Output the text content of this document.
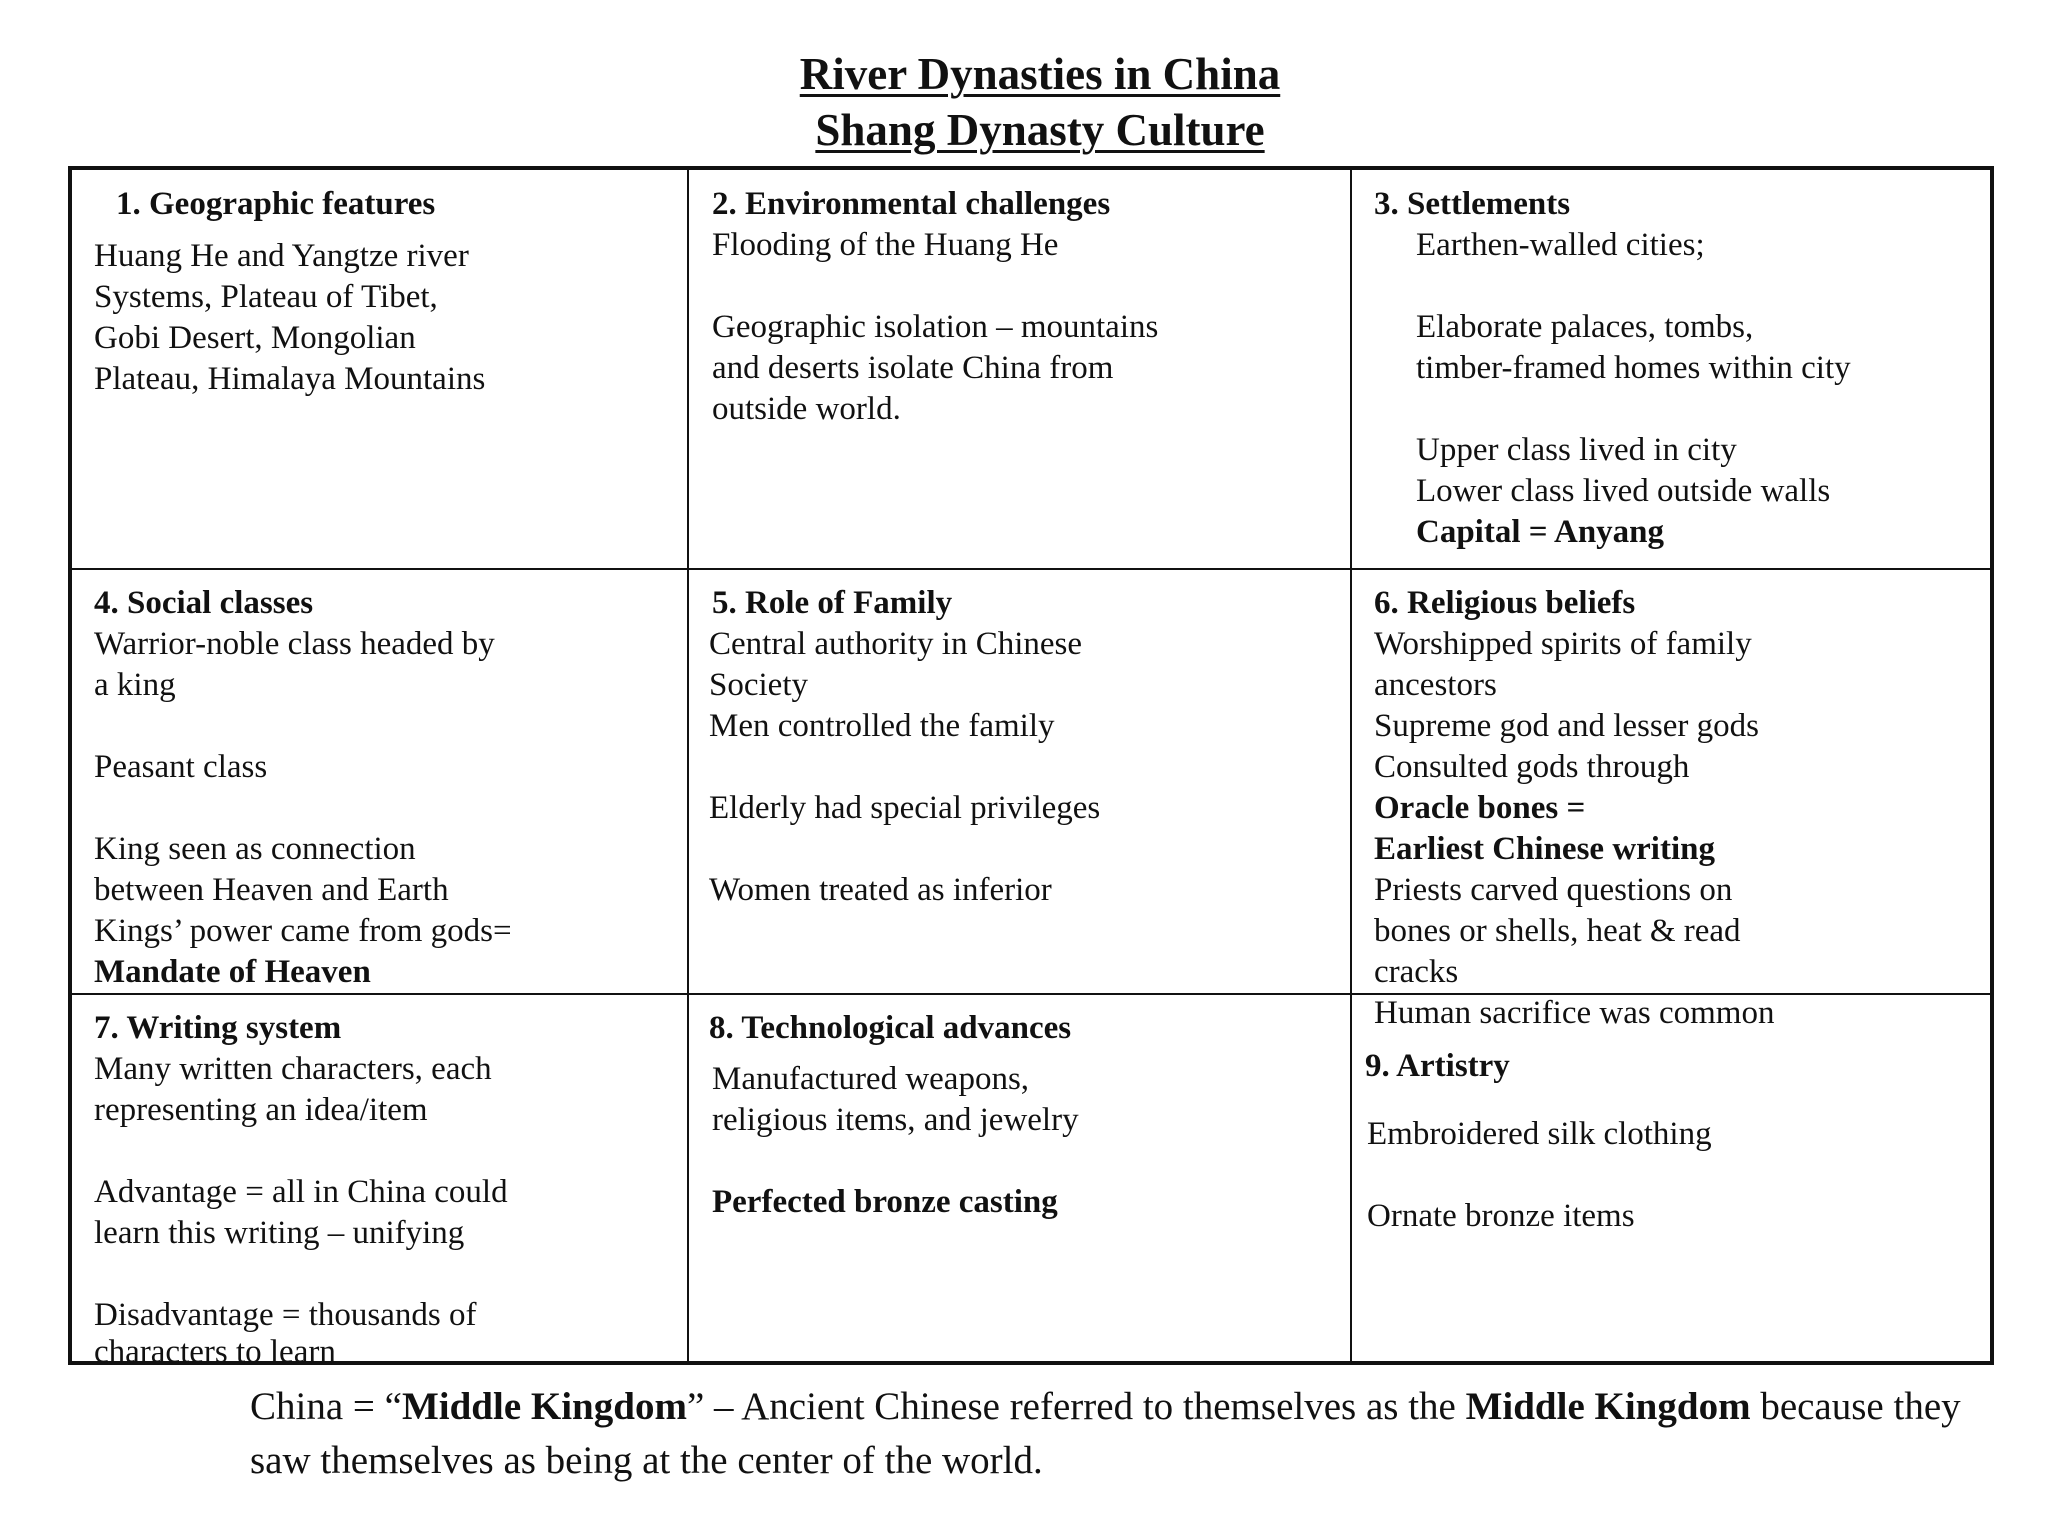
River Dynasties in China
Shang Dynasty Culture
1. Geographic features
Huang He and Yangtze river
Systems, Plateau of Tibet,
Gobi Desert, Mongolian
Plateau, Himalaya Mountains
2. Environmental challenges
Flooding of the Huang He
Geographic isolation – mountains
and deserts isolate China from
outside world.
3. Settlements
Earthen-walled cities;
Elaborate palaces, tombs,
timber-framed homes within city
Upper class lived in city
Lower class lived outside walls
Capital = Anyang
4. Social classes
Warrior-noble class headed by
a king
Peasant class
King seen as connection
between Heaven and Earth
Kings’ power came from gods=
Mandate of Heaven
5. Role of Family
Central authority in Chinese
Society
Men controlled the family
Elderly had special privileges
Women treated as inferior
6. Religious beliefs
Worshipped spirits of family
ancestors
Supreme god and lesser gods
Consulted gods through
Oracle bones =
Earliest Chinese writing
Priests carved questions on
bones or shells, heat & read
cracks
Human sacrifice was common
7. Writing system
Many written characters, each
representing an idea/item
Advantage = all in China could
learn this writing – unifying
Disadvantage = thousands of
characters to learn
8. Technological advances
Manufactured weapons,
religious items, and jewelry
Perfected bronze casting
9. Artistry
Embroidered silk clothing
Ornate bronze items

China = “Middle Kingdom” – Ancient Chinese referred to themselves as the Middle Kingdom because they saw themselves as being at the center of the world.
